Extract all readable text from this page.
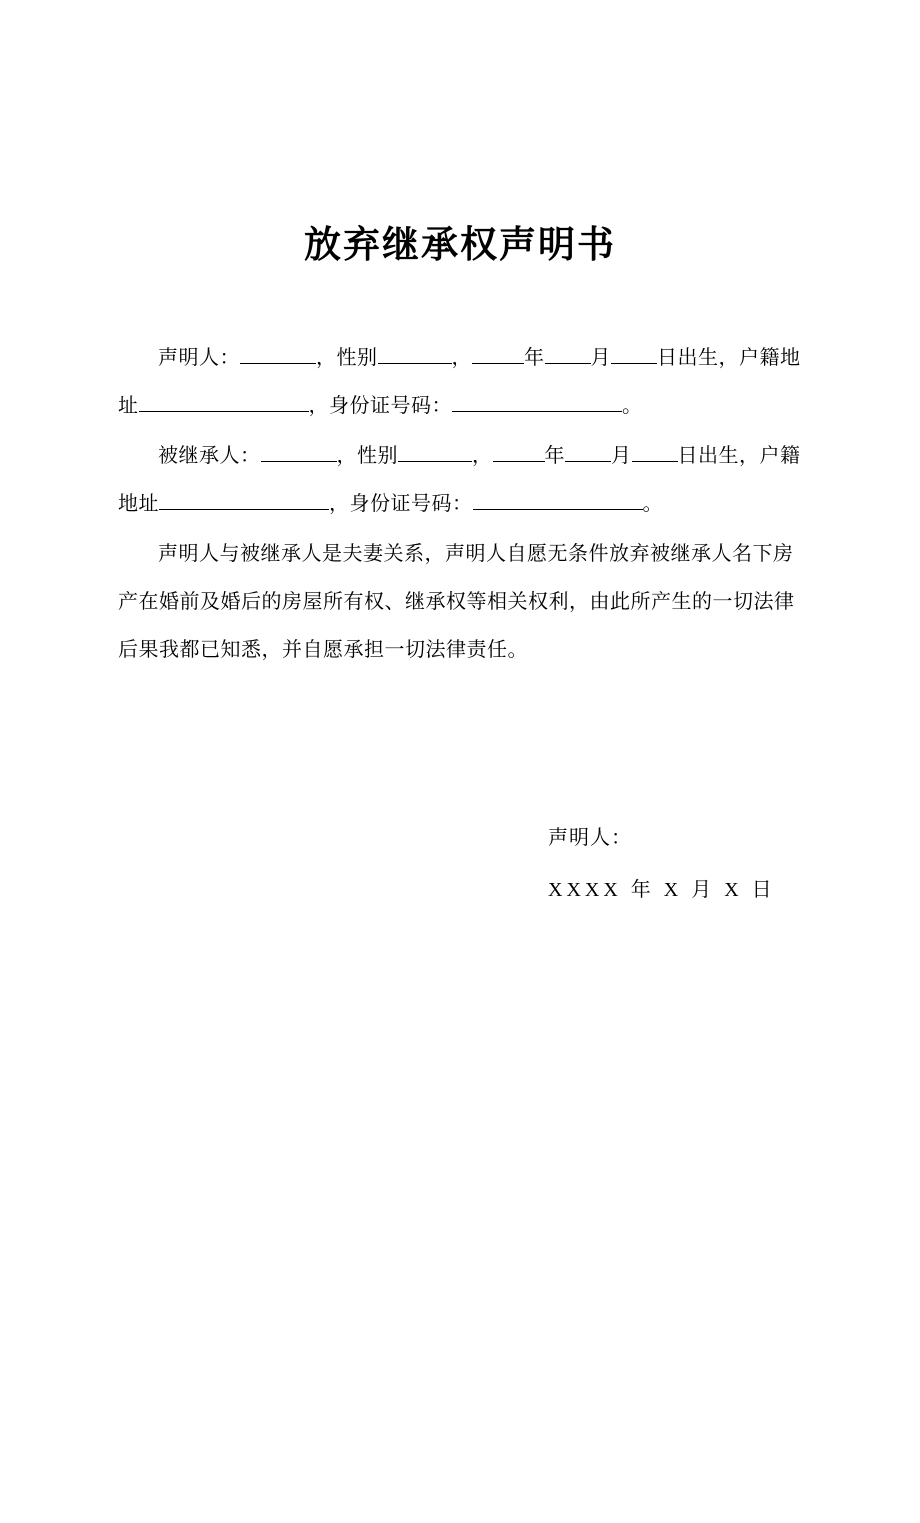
放弃继承权声明书

声明人：	，性别	，	年 月 日出生，户籍地址	，身份证号码：	。

被继承人：	，性别	，	年 月 日出生，户籍地址	，身份证号码：	。

声明人与被继承人是夫妻关系，声明人自愿无条件放弃被继承人名下房产在婚前及婚后的房屋所有权、继承权等相关权利，由此所产生的一切法律后果我都已知悉，并自愿承担一切法律责任。

声明人：

XXXX 年 X 月 X 日
